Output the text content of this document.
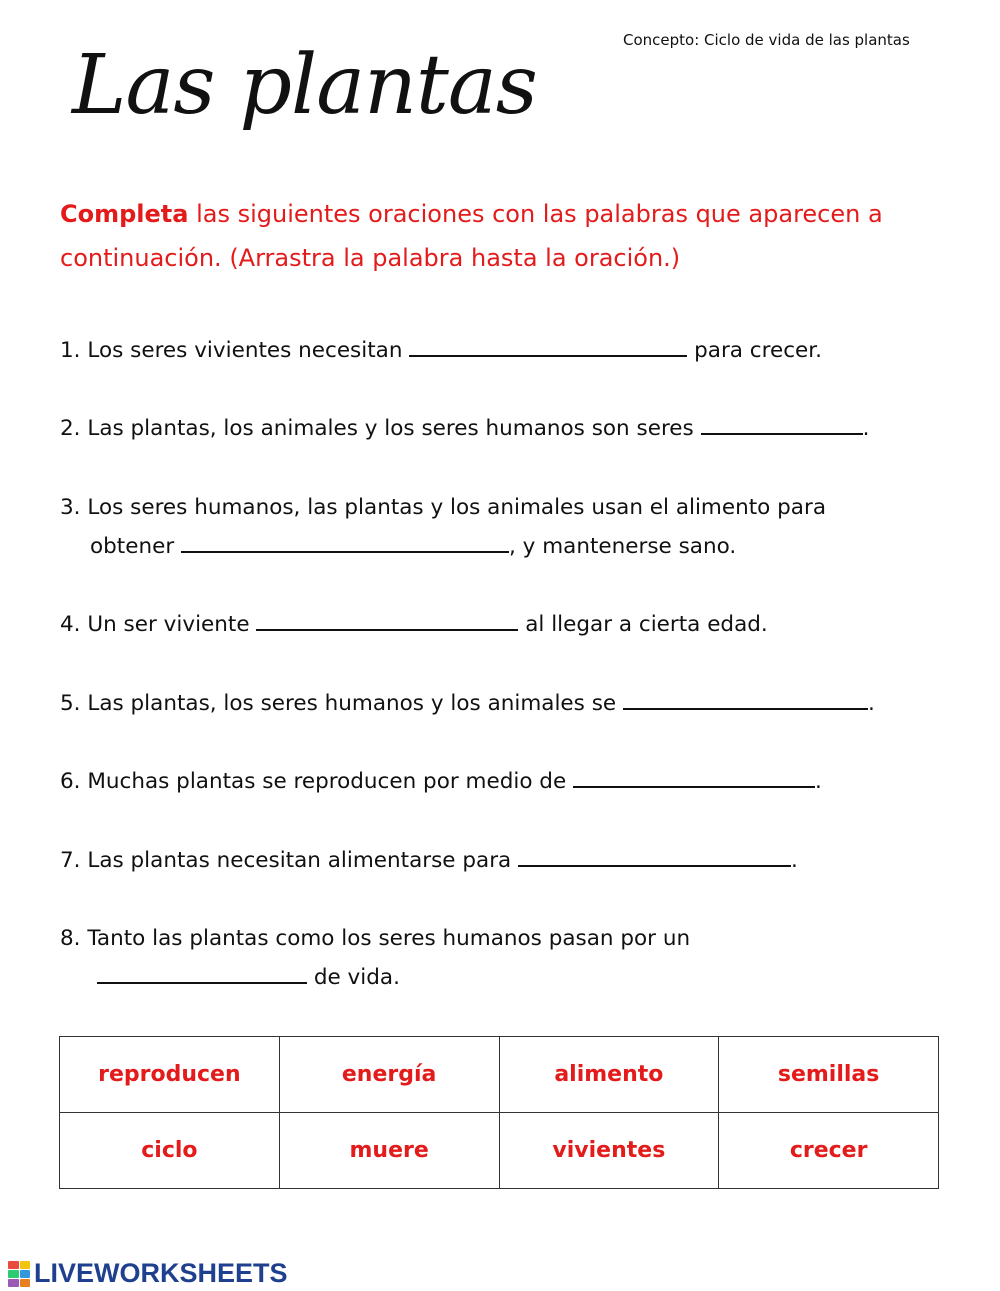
Concepto: Ciclo de vida de las plantas
Las plantas
Completa las siguientes oraciones con las palabras que aparecen a continuación. (Arrastra la palabra hasta la oración.)
1. Los seres vivientes necesitan	para crecer.
2. Las plantas, los animales y los seres humanos son seres	.
3. Los seres humanos, las plantas y los animales usan el alimento para
obtener	, y mantenerse sano.
4. Un ser viviente	al llegar a cierta edad.
5. Las plantas, los seres humanos y los animales se	.
6. Muchas plantas se reproducen por medio de	.
7. Las plantas necesitan alimentarse para	.
8. Tanto las plantas como los seres humanos pasan por un
de vida.
reproducen	energía	alimento	semillas
ciclo	muere	vivientes	crecer
LIVEWORKSHEETS
